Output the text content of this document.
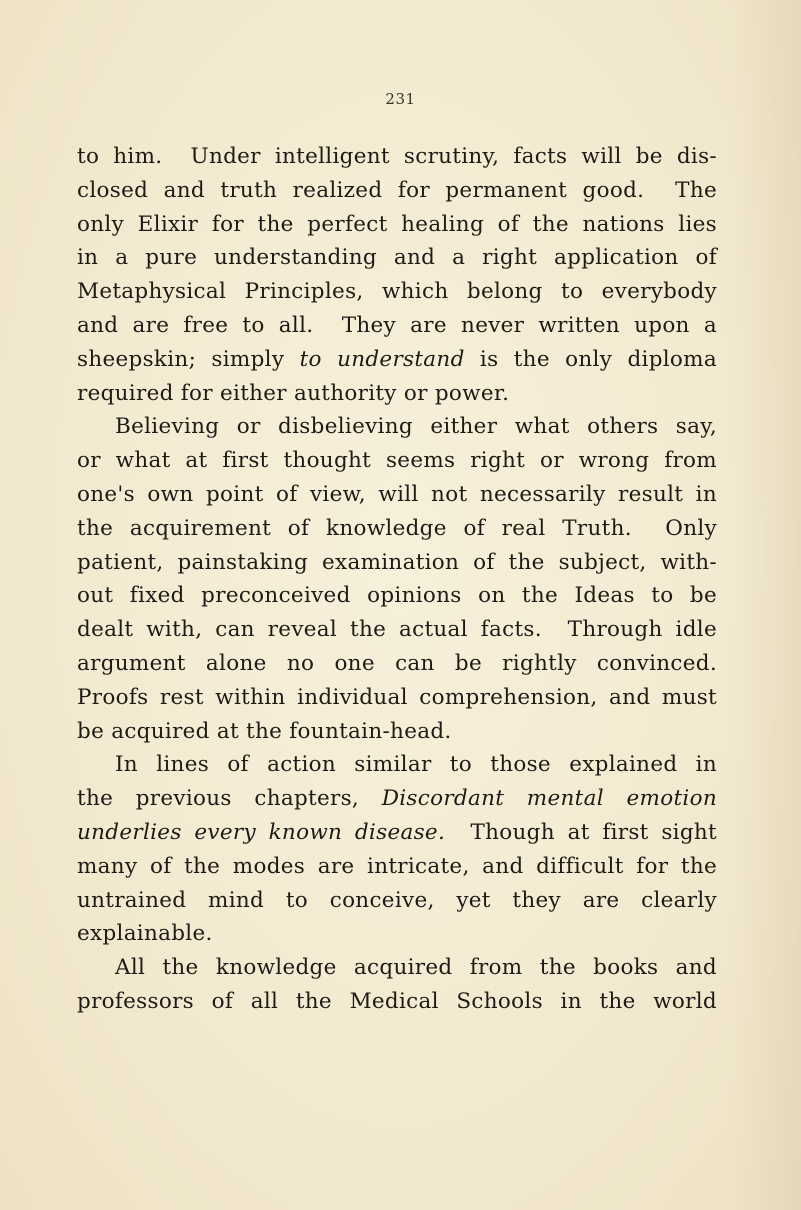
231
to him.  Under intelligent scrutiny, facts will be dis-
closed and truth realized for permanent good.  The
only Elixir for the perfect healing of the nations lies
in a pure understanding and a right application of
Metaphysical Principles, which belong to everybody
and are free to all.  They are never written upon a
sheepskin; simply to understand is the only diploma
required for either authority or power.
Believing or disbelieving either what others say,
or what at first thought seems right or wrong from
one's own point of view, will not necessarily result in
the acquirement of knowledge of real Truth.  Only
patient, painstaking examination of the subject, with-
out fixed preconceived opinions on the Ideas to be
dealt with, can reveal the actual facts.  Through idle
argument alone no one can be rightly convinced.
Proofs rest within individual comprehension, and must
be acquired at the fountain-head.
In lines of action similar to those explained in
the previous chapters, Discordant mental emotion
underlies every known disease.  Though at first sight
many of the modes are intricate, and difficult for the
untrained mind to conceive, yet they are clearly
explainable.
All the knowledge acquired from the books and
professors of all the Medical Schools in the world
